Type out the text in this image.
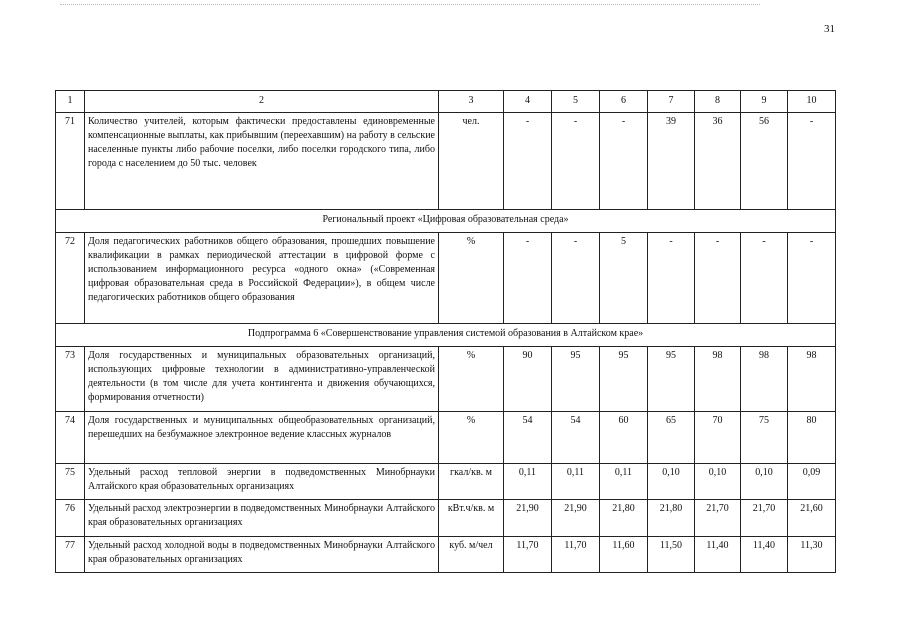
31
1	2	3	4	5	6	7	8	9	10
71	Количество учителей, которым фактически предоставлены единовременные компенсационные выплаты, как прибывшим (переехавшим) на работу в сельские населенные пункты либо рабочие поселки, либо поселки городского типа, либо города с населением до 50 тыс. человек	чел.	-	-	-	39	36	56	-
Региональный проект «Цифровая образовательная среда»									
72	Доля педагогических работников общего образования, прошедших повышение квалификации в рамках периодической аттестации в цифровой форме с использованием информационного ресурса «одного окна» («Современная цифровая образовательная среда в Российской Федерации»), в общем числе педагогических работников общего образования	%	-	-	5	-	-	-	-
Подпрограмма 6 «Совершенствование управления системой образования в Алтайском крае»									
73	Доля государственных и муниципальных образовательных организаций, использующих цифровые технологии в административно-управленческой деятельности (в том числе для учета контингента и движения обучающихся, формирования отчетности)	%	90	95	95	95	98	98	98
74	Доля государственных и муниципальных общеобразовательных организаций, перешедших на безбумажное электронное ведение классных журналов	%	54	54	60	65	70	75	80
75	Удельный расход тепловой энергии в подведомственных Минобрнауки Алтайского края образовательных организациях	гкал/кв. м	0,11	0,11	0,11	0,10	0,10	0,10	0,09
76	Удельный расход электроэнергии в подведомственных Минобрнауки Алтайского края образовательных организациях	кВт.ч/кв. м	21,90	21,90	21,80	21,80	21,70	21,70	21,60
77	Удельный расход холодной воды в подведомственных Минобрнауки Алтайского края образовательных организациях	куб. м/чел	11,70	11,70	11,60	11,50	11,40	11,40	11,30
